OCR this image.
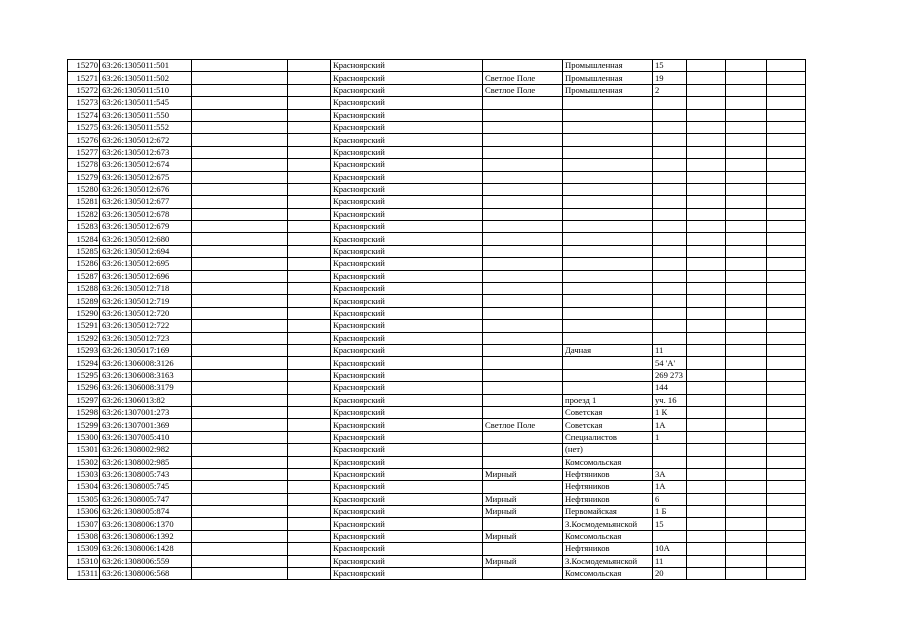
15270	63:26:1305011:501			Красноярский		Промышленная	15			
15271	63:26:1305011:502			Красноярский	Светлое Поле	Промышленная	19			
15272	63:26:1305011:510			Красноярский	Светлое Поле	Промышленная	2			
15273	63:26:1305011:545			Красноярский						
15274	63:26:1305011:550			Красноярский						
15275	63:26:1305011:552			Красноярский						
15276	63:26:1305012:672			Красноярский						
15277	63:26:1305012:673			Красноярский						
15278	63:26:1305012:674			Красноярский						
15279	63:26:1305012:675			Красноярский						
15280	63:26:1305012:676			Красноярский						
15281	63:26:1305012:677			Красноярский						
15282	63:26:1305012:678			Красноярский						
15283	63:26:1305012:679			Красноярский						
15284	63:26:1305012:680			Красноярский						
15285	63:26:1305012:694			Красноярский						
15286	63:26:1305012:695			Красноярский						
15287	63:26:1305012:696			Красноярский						
15288	63:26:1305012:718			Красноярский						
15289	63:26:1305012:719			Красноярский						
15290	63:26:1305012:720			Красноярский						
15291	63:26:1305012:722			Красноярский						
15292	63:26:1305012:723			Красноярский						
15293	63:26:1305017:169			Красноярский		Дачная	11			
15294	63:26:1306008:3126			Красноярский			54 'А'			
15295	63:26:1306008:3163			Красноярский			269 273			
15296	63:26:1306008:3179			Красноярский			144			
15297	63:26:1306013:82			Красноярский		проезд 1	уч. 16			
15298	63:26:1307001:273			Красноярский		Советская	1 К			
15299	63:26:1307001:369			Красноярский	Светлое Поле	Советская	1А			
15300	63:26:1307005:410			Красноярский		Специалистов	1			
15301	63:26:1308002:982			Красноярский		(нет)				
15302	63:26:1308002:985			Красноярский		Комсомольская				
15303	63:26:1308005:743			Красноярский	Мирный	Нефтяников	3А			
15304	63:26:1308005:745			Красноярский		Нефтяников	1А			
15305	63:26:1308005:747			Красноярский	Мирный	Нефтяников	6			
15306	63:26:1308005:874			Красноярский	Мирный	Первомайская	1 Б			
15307	63:26:1308006:1370			Красноярский		З.Космодемьянской	15			
15308	63:26:1308006:1392			Красноярский	Мирный	Комсомольская				
15309	63:26:1308006:1428			Красноярский		Нефтяников	10А			
15310	63:26:1308006:559			Красноярский	Мирный	З.Космодемьянской	11			
15311	63:26:1308006:568			Красноярский		Комсомольская	20			
